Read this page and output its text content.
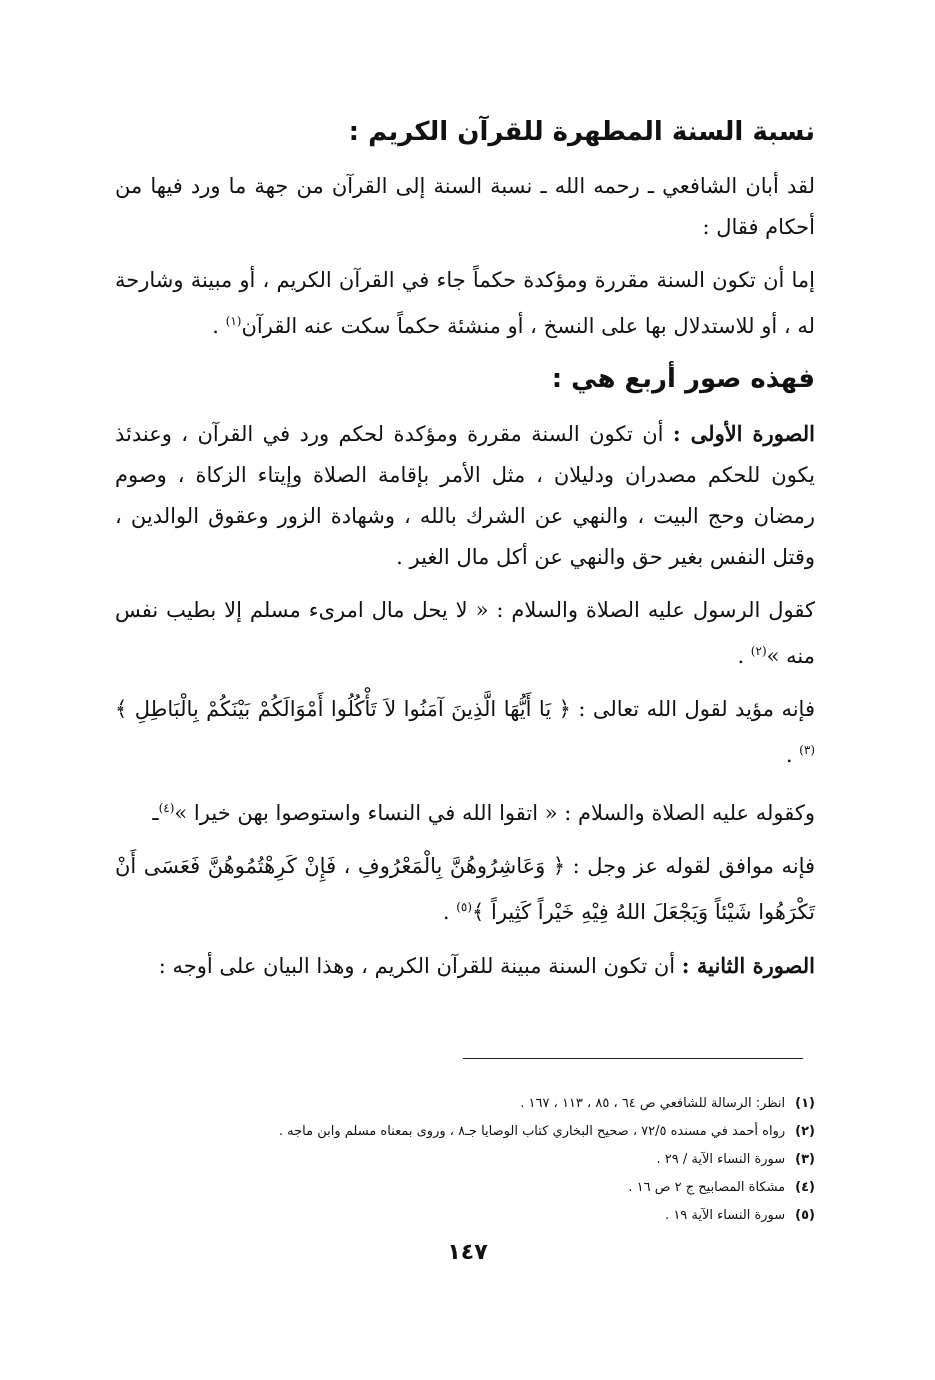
نسبة السنة المطهرة للقرآن الكريم :

لقد أبان الشافعي ـ رحمه الله ـ نسبة السنة إلى القرآن من جهة ما ورد فيها من أحكام فقال :

إما أن تكون السنة مقررة ومؤكدة حكماً جاء في القرآن الكريم ، أو مبينة وشارحة له ، أو للاستدلال بها على النسخ ، أو منشئة حكماً سكت عنه القرآن$^{(١)}$ .

فهذه صور أربع هي :

الصورة الأولى : أن تكون السنة مقررة ومؤكدة لحكم ورد في القرآن ، وعندئذ يكون للحكم مصدران ودليلان ، مثل الأمر بإقامة الصلاة وإيتاء الزكاة ، وصوم رمضان وحج البيت ، والنهي عن الشرك بالله ، وشهادة الزور وعقوق الوالدين ، وقتل النفس بغير حق والنهي عن أكل مال الغير .

كقول الرسول عليه الصلاة والسلام : « لا يحل مال امرىء مسلم إلا بطيب نفس منه »$^{(٢)}$ .

فإنه مؤيد لقول الله تعالى : ﴿ يَا أَيُّهَا الَّذِينَ آمَنُوا لاَ تَأْكُلُوا أَمْوَالَكُمْ بَيْنَكُمْ بِالْبَاطِلِ ﴾$^{(٣)}$ .

وكقوله عليه الصلاة والسلام : « اتقوا الله في النساء واستوصوا بهن خيرا »$^{(٤)}$ـ

فإنه موافق لقوله عز وجل : ﴿ وَعَاشِرُوهُنَّ بِالْمَعْرُوفِ ، فَإِنْ كَرِهْتُمُوهُنَّ فَعَسَى أَنْ تَكْرَهُوا شَيْئاً وَيَجْعَلَ اللهُ فِيْهِ خَيْراً كَثِيراً ﴾$^{(٥)}$ .

الصورة الثانية : أن تكون السنة مبينة للقرآن الكريم ، وهذا البيان على أوجه :

(١)انظر: الرسالة للشافعي ص ٦٤ ، ٨٥ ، ١١٣ ، ١٦٧ .
(٢)رواه أحمد في مسنده ٧٢/٥ ، صحيح البخاري كتاب الوصايا جـ٨ ، وروى بمعناه مسلم وابن ماجه .
(٣)سورة النساء الآية / ٢٩ .
(٤)مشكاة المصابيح ج ٢ ص ١٦ .
(٥)سورة النساء الآية ١٩ .
١٤٧
